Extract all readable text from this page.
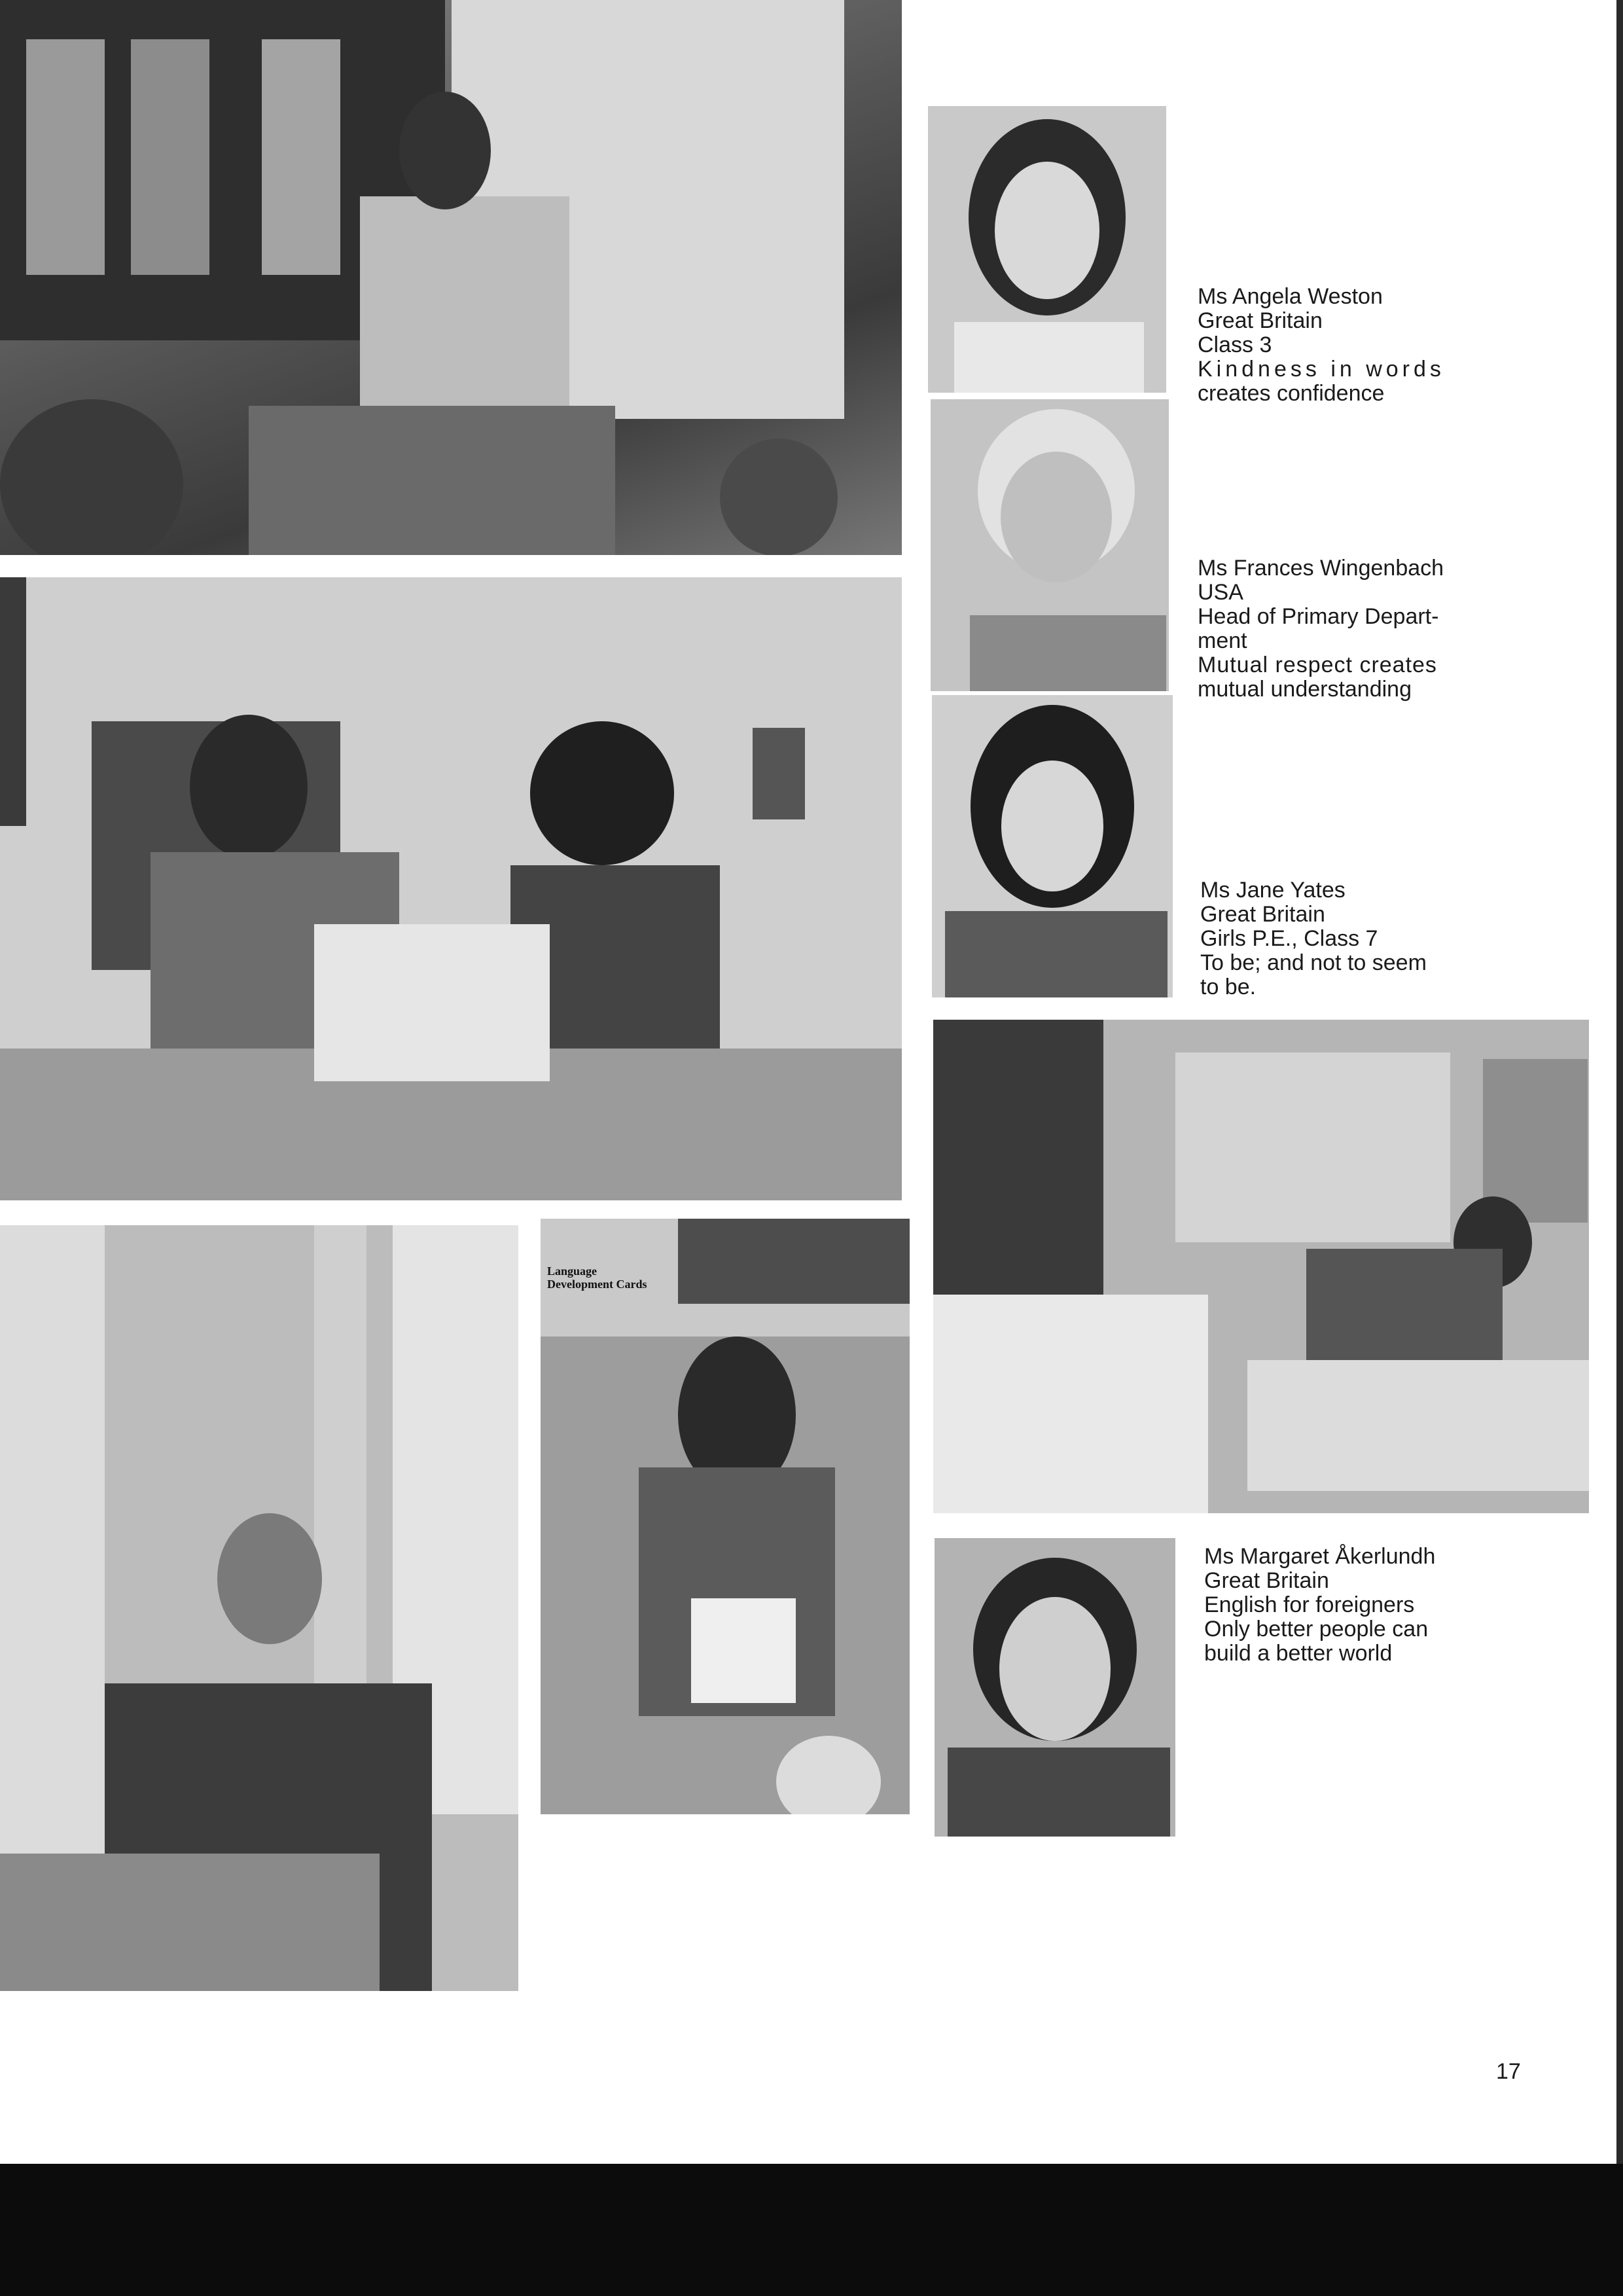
Language
Development Cards
Ms Angela Weston
Great Britain
Class 3
Kindness in words
creates confidence
Ms Frances Wingenbach
USA
Head of Primary Depart-
ment
Mutual respect creates
mutual understanding
Ms Jane Yates
Great Britain
Girls P.E., Class 7
To be; and not to seem
to be.
Ms Margaret Åkerlundh
Great Britain
English for foreigners
Only better people can
build a better world
17
